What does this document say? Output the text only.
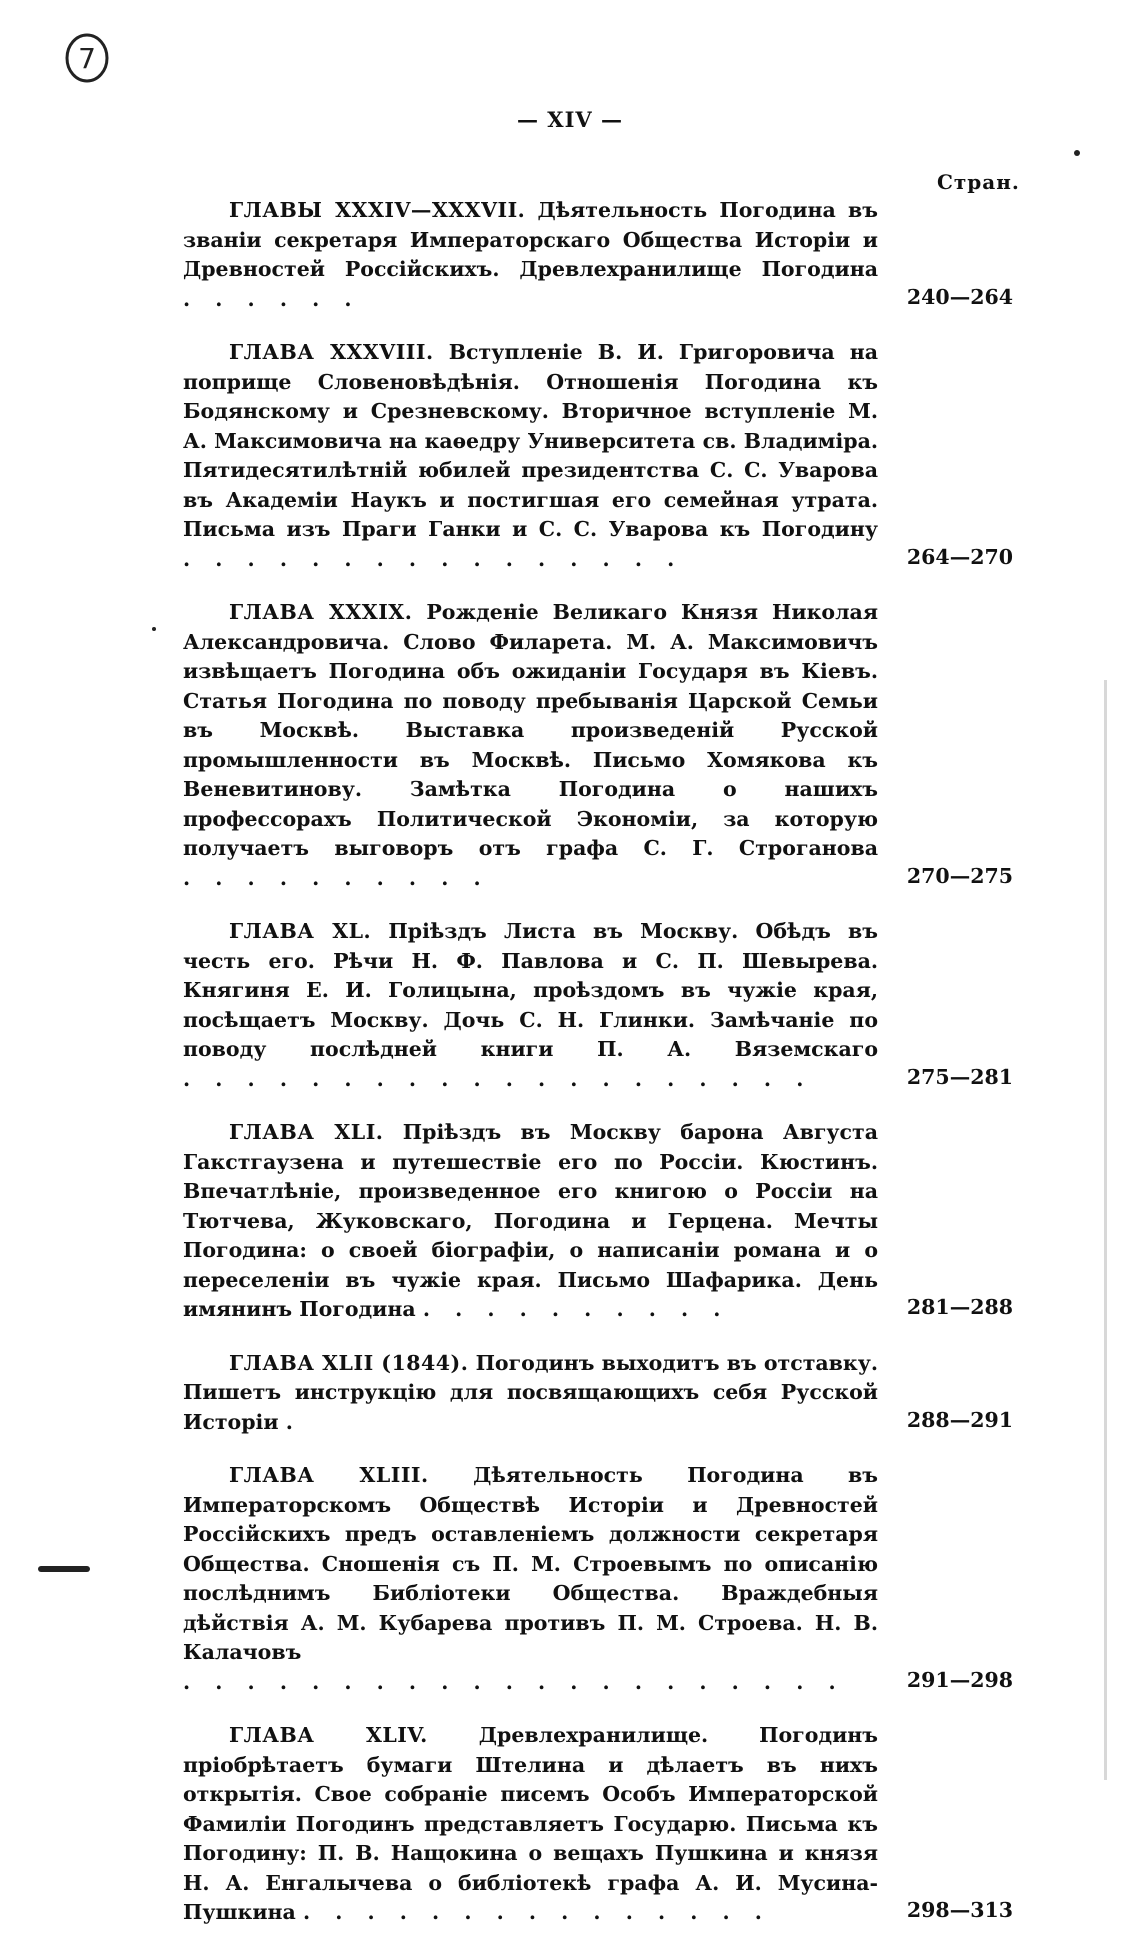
7
— XIV —
Стран.
ГЛАВЫ XXXIV—XXXVII. Дѣятельность Погодина въ званіи секретаря Императорскаго Общества Исторіи и Древностей Россійскихъ. Древлехранилище Погодина . . . . . .	240—264
ГЛАВА XXXVIII. Вступленіе В. И. Григоровича на поприще Словеновѣдѣнія. Отношенія Погодина къ Бодянскому и Срезневскому. Вторичное вступленіе М. А. Максимовича на каѳедру Университета св. Владиміра. Пятидесятилѣтній юбилей президентства С. С. Уварова въ Академіи Наукъ и постигшая его семейная утрата. Письма изъ Праги Ганки и С. С. Уварова къ Погодину . . . . . . . . . . . . . . . .	264—270
ГЛАВА XXXIX. Рожденіе Великаго Князя Николая Александровича. Слово Филарета. М. А. Максимовичъ извѣщаетъ Погодина объ ожиданіи Государя въ Кіевъ. Статья Погодина по поводу пребыванія Царской Семьи въ Москвѣ. Выставка произведеній Русской промышленности въ Москвѣ. Письмо Хомякова къ Веневитинову. Замѣтка Погодина о нашихъ профессорахъ Политической Экономіи, за которую получаетъ выговоръ отъ графа С. Г. Строганова . . . . . . . . . .	270—275
ГЛАВА XL. Пріѣздъ Листа въ Москву. Обѣдъ въ честь его. Рѣчи Н. Ф. Павлова и С. П. Шевырева. Княгиня Е. И. Голицына, проѣздомъ въ чужіе края, посѣщаетъ Москву. Дочь С. Н. Глинки. Замѣчаніе по поводу послѣдней книги П. А. Вяземскаго . . . . . . . . . . . . . . . . . . . .	275—281
ГЛАВА XLI. Пріѣздъ въ Москву барона Августа Гакстгаузена и путешествіе его по Россіи. Кюстинъ. Впечатлѣніе, произведенное его книгою о Россіи на Тютчева, Жуковскаго, Погодина и Герцена. Мечты Погодина: о своей біографіи, о написаніи романа и о переселеніи въ чужіе края. Письмо Шафарика. День имянинъ Погодина . . . . . . . . . .	281—288
ГЛАВА XLII (1844). Погодинъ выходитъ въ отставку. Пишетъ инструкцію для посвящающихъ себя Русской Исторіи .	288—291
ГЛАВА XLIII. Дѣятельность Погодина въ Императорскомъ Обществѣ Исторіи и Древностей Россійскихъ предъ оставленіемъ должности секретаря Общества. Сношенія съ П. М. Строевымъ по описанію послѣднимъ Библіотеки Общества. Враждебныя дѣйствія А. М. Кубарева противъ П. М. Строева. Н. В. Калачовъ . . . . . . . . . . . . . . . . . . . . .	291—298
ГЛАВА XLIV. Древлехранилище. Погодинъ пріобрѣтаетъ бумаги Штелина и дѣлаетъ въ нихъ открытія. Свое собраніе писемъ Особъ Императорской Фамиліи Погодинъ представляетъ Государю. Письма къ Погодину: П. В. Нащокина о вещахъ Пушкина и князя Н. А. Енгалычева о библіотекѣ графа А. И. Мусина-Пушкина . . . . . . . . . . . . . . .	298—313
